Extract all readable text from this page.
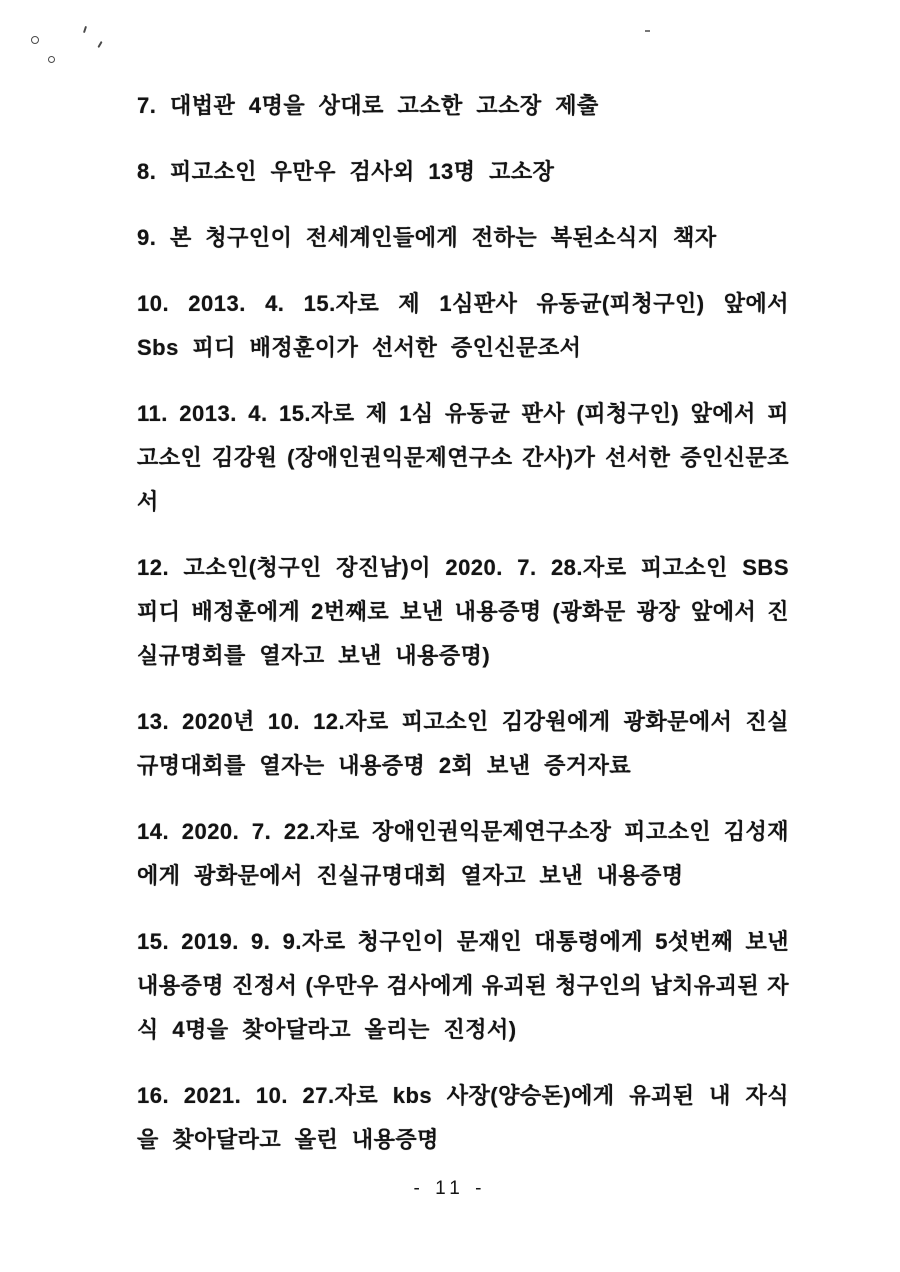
7. 대법관 4명을 상대로 고소한 고소장 제출
8. 피고소인 우만우 검사외 13명 고소장
9. 본 청구인이 전세계인들에게 전하는 복된소식지 책자
10. 2013. 4. 15.자로 제 1심판사 유동균(피청구인) 앞에서
Sbs 피디 배정훈이가 선서한 증인신문조서
11. 2013. 4. 15.자로 제 1심 유동균 판사 (피청구인) 앞에서 피
고소인 김강원 (장애인권익문제연구소 간사)가 선서한 증인신문조
서
12. 고소인(청구인 장진남)이 2020. 7. 28.자로 피고소인 SBS
피디 배정훈에게 2번째로 보낸 내용증명 (광화문 광장 앞에서 진
실규명회를 열자고 보낸 내용증명)
13. 2020년 10. 12.자로 피고소인 김강원에게 광화문에서 진실
규명대회를 열자는 내용증명 2회 보낸 증거자료
14. 2020. 7. 22.자로 장애인권익문제연구소장 피고소인 김성재
에게 광화문에서 진실규명대회 열자고 보낸 내용증명
15. 2019. 9. 9.자로 청구인이 문재인 대통령에게 5섯번째 보낸
내용증명 진정서 (우만우 검사에게 유괴된 청구인의 납치유괴된 자
식 4명을 찾아달라고 올리는 진정서)
16. 2021. 10. 27.자로 kbs 사장(양승돈)에게 유괴된 내 자식
을 찾아달라고 올린 내용증명
- 11 -
